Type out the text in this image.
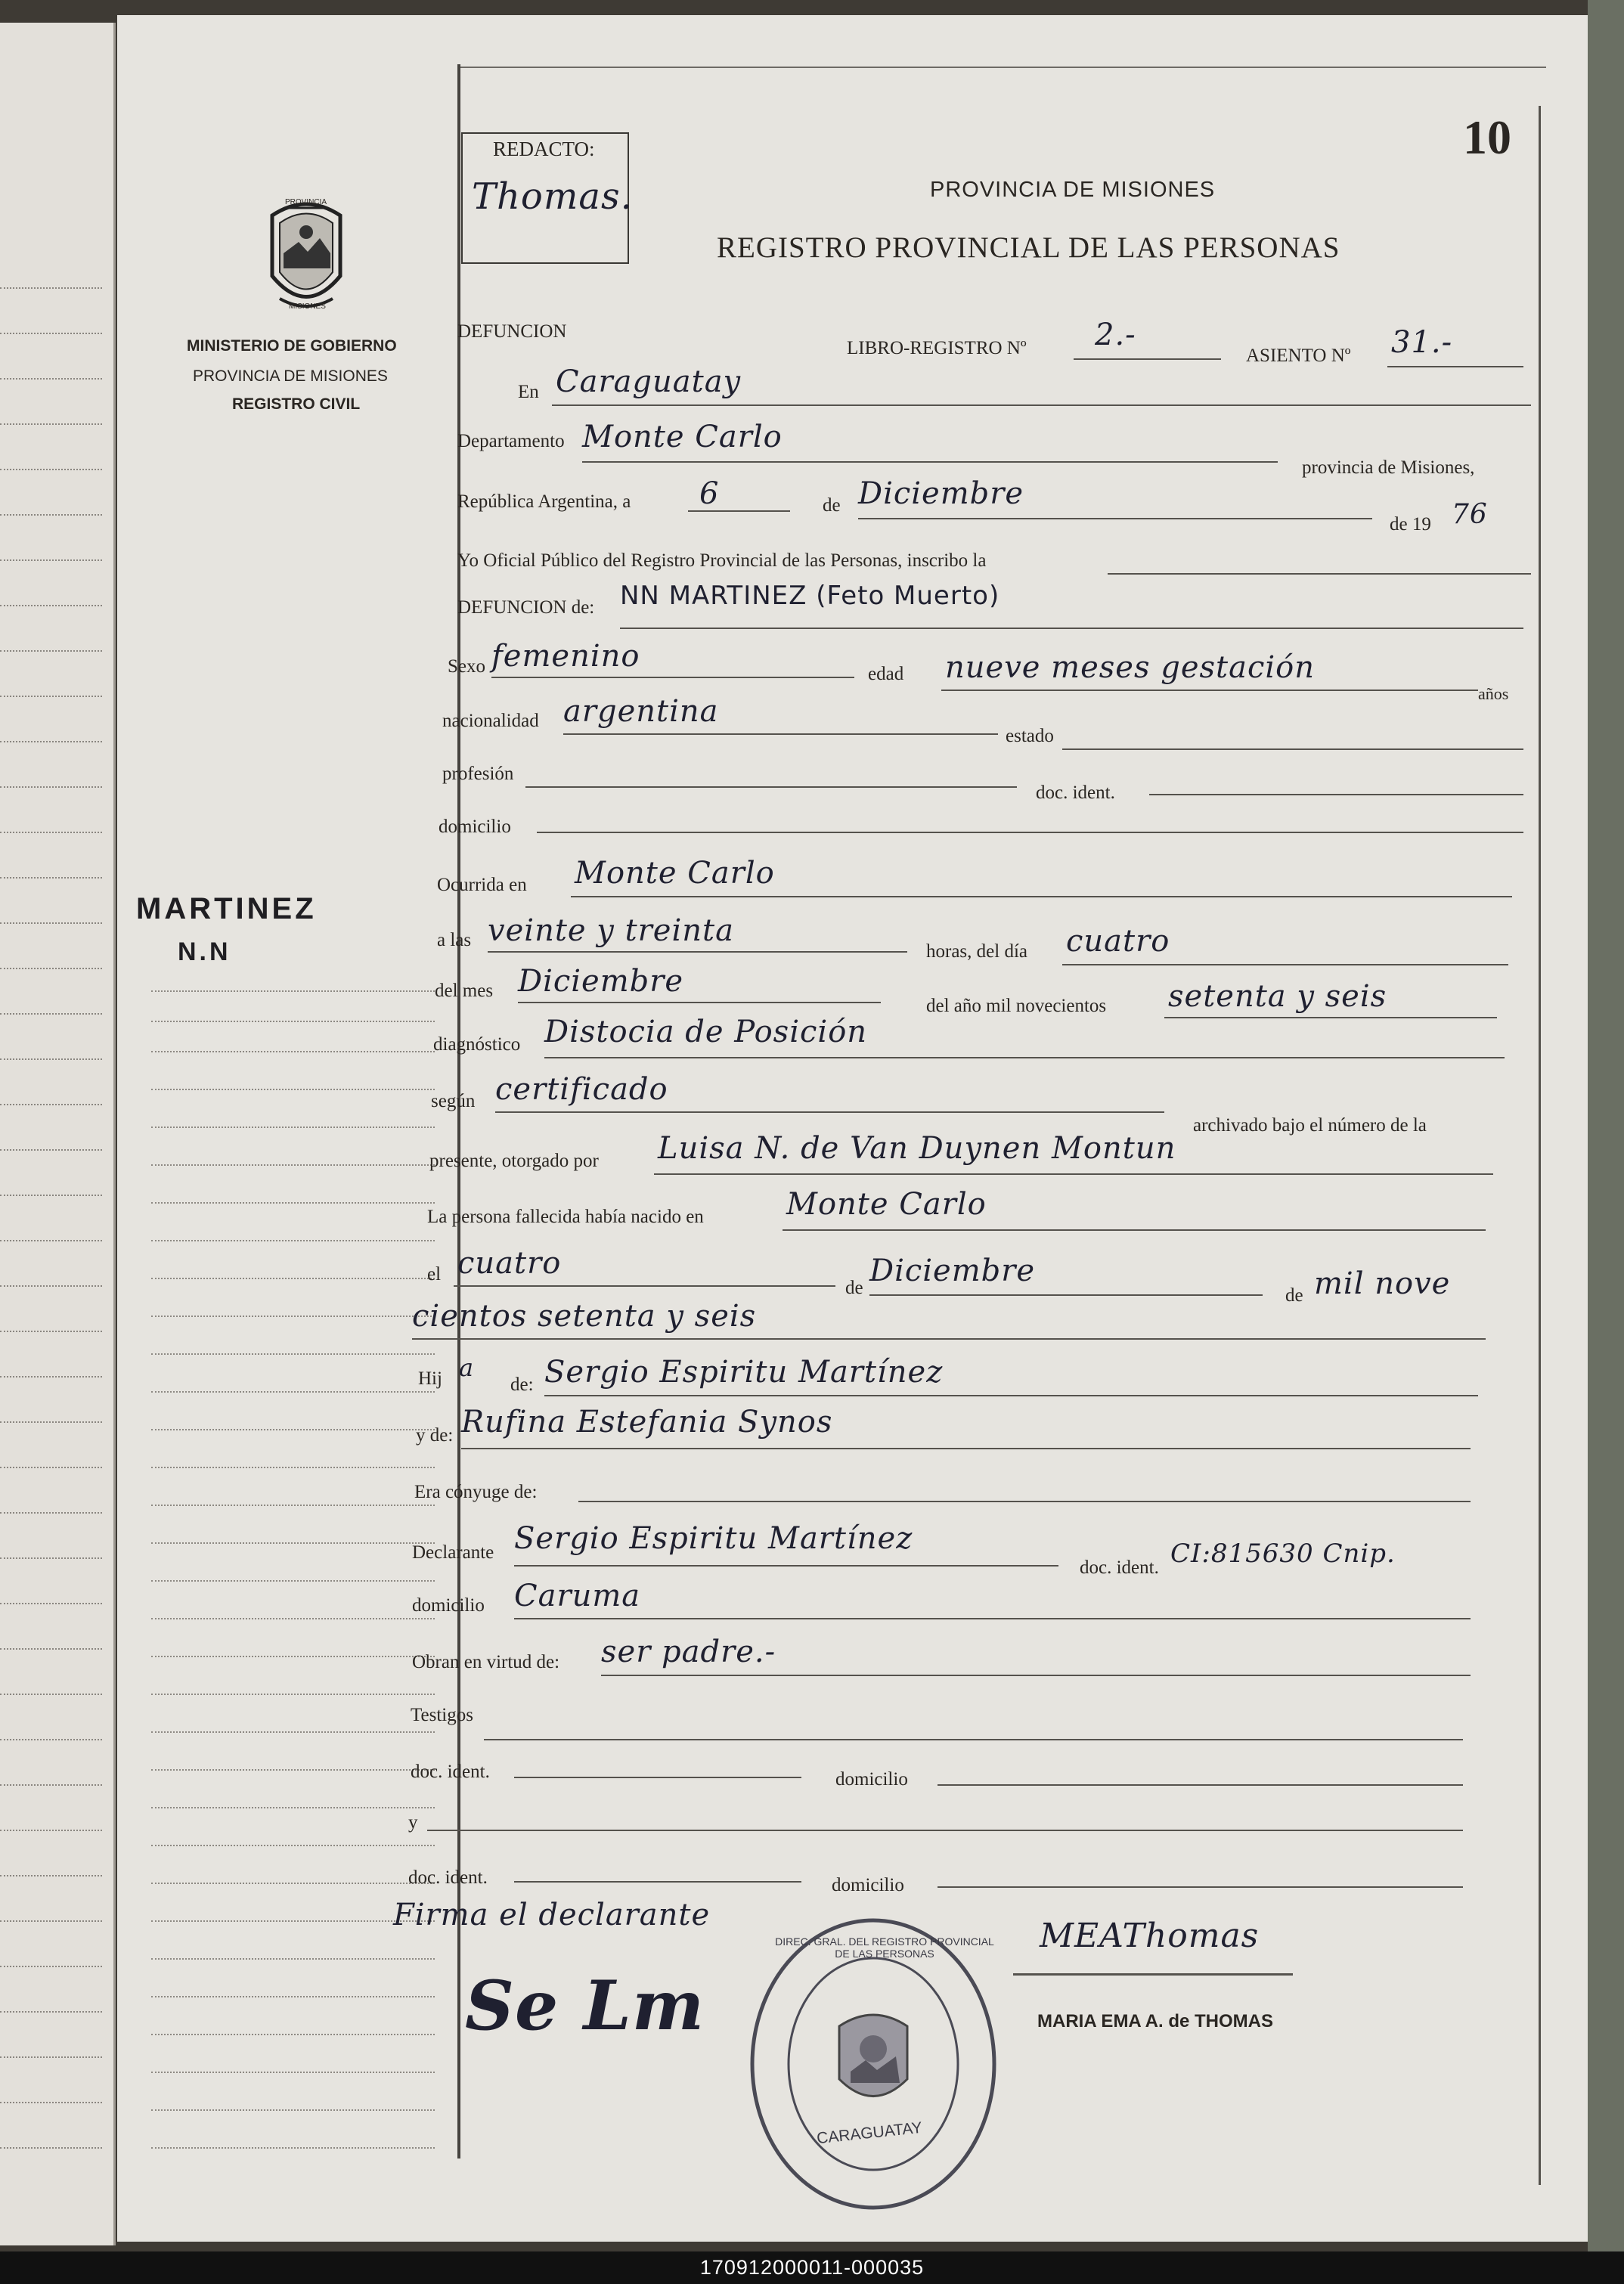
10
REDACTO:
Thomas.	PROVINCIA DE MISIONES
REGISTRO PROVINCIAL DE LAS PERSONAS
PROVINCIA
MISIONES
MINISTERIO DE GOBIERNO
PROVINCIA DE MISIONES
REGISTRO CIVIL
MARTINEZ
N.N
DEFUNCION
LIBRO-REGISTRO Nº 2.-
ASIENTO Nº 31.-
En Caraguatay
Departamento Monte Carlo
provincia de Misiones,
República Argentina, a 6	de Diciembre
de 19 76
Yo Oficial Público del Registro Provincial de las Personas, inscribo la
DEFUNCION de: NN MARTINEZ (Feto Muerto)
Sexo femenino
edad nueve meses gestación
años
nacionalidad argentina
estado
profesión
doc. ident.
domicilio
Ocurrida en Monte Carlo
a las veinte y treinta
horas, del día cuatro
del mes Diciembre
del año mil novecientos setenta y seis
diagnóstico Distocia de Posición
según certificado
archivado bajo el número de la
presente, otorgado por Luisa N. de Van Duynen Montun
La persona fallecida había nacido en	Monte Carlo
el cuatro
de Diciembre
de mil nove
cientos setenta y seis
Hij a
de: Sergio Espiritu Martínez
y de: Rufina Estefania Synos
Era cónyuge de:
Declarante Sergio Espiritu Martínez
doc. ident. CI:815630 Cnip.
domicilio Caruma
Obran en virtud de: ser padre.-
Testigos
doc. ident.	domicilio
y
doc. ident.	domicilio
Firma el declarante
Se Lm
MEAThomas
MARIA EMA A. de THOMAS
CARAGUATAY
DIREC. GRAL. DEL REGISTRO PROVINCIAL DE LAS PERSONAS
170912000011-000035
